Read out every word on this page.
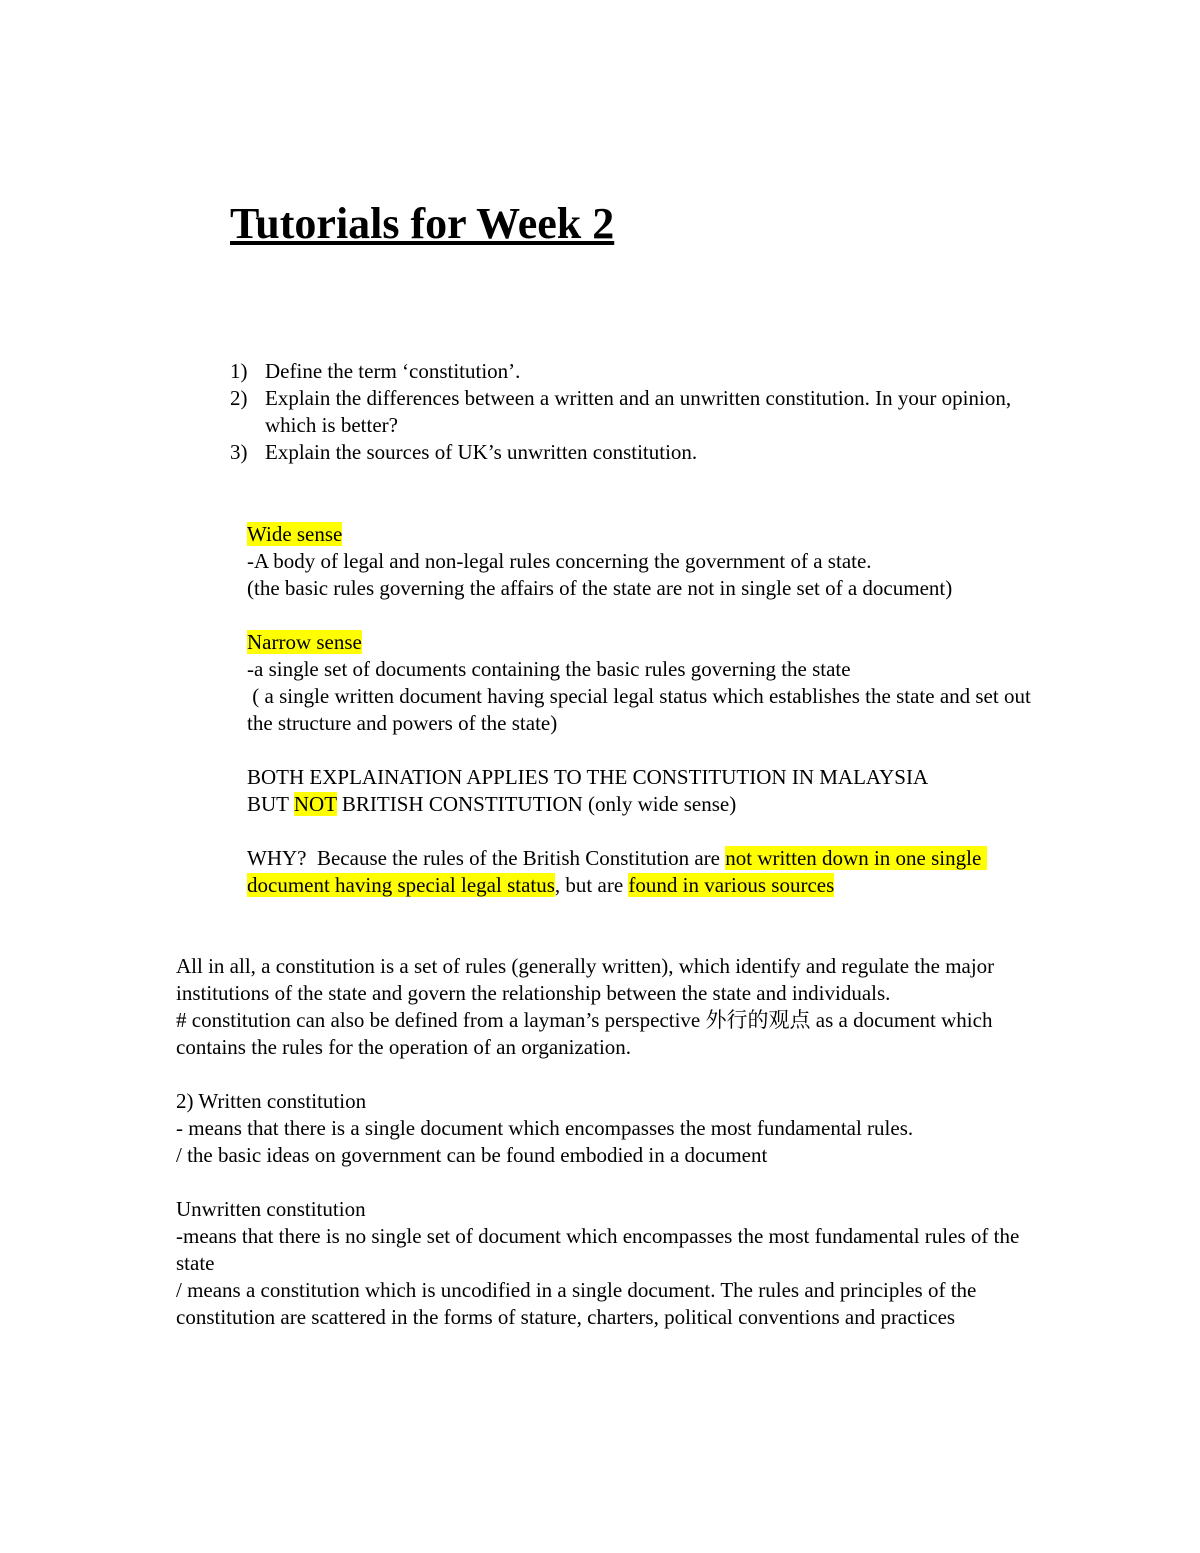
Tutorials for Week 2
1) Define the term ‘constitution’.
2) Explain the differences between a written and an unwritten constitution. In your opinion, which is better?
3) Explain the sources of UK’s unwritten constitution.

Wide sense

-A body of legal and non-legal rules concerning the government of a state.

(the basic rules governing the affairs of the state are not in single set of a document)

Narrow sense

-a single set of documents containing the basic rules governing the state

( a single written document having special legal status which establishes the state and set out the structure and powers of the state)

BOTH EXPLAINATION APPLIES TO THE CONSTITUTION IN MALAYSIA

BUT NOT BRITISH CONSTITUTION (only wide sense)

WHY?  Because the rules of the British Constitution are not written down in one single document having special legal status, but are found in various sources

All in all, a constitution is a set of rules (generally written), which identify and regulate the major institutions of the state and govern the relationship between the state and individuals.

# constitution can also be defined from a layman’s perspective 外行的观点 as a document which contains the rules for the operation of an organization.

2) Written constitution

- means that there is a single document which encompasses the most fundamental rules.

/ the basic ideas on government can be found embodied in a document

Unwritten constitution

-means that there is no single set of document which encompasses the most fundamental rules of the state

/ means a constitution which is uncodified in a single document. The rules and principles of the constitution are scattered in the forms of stature, charters, political conventions and practices
